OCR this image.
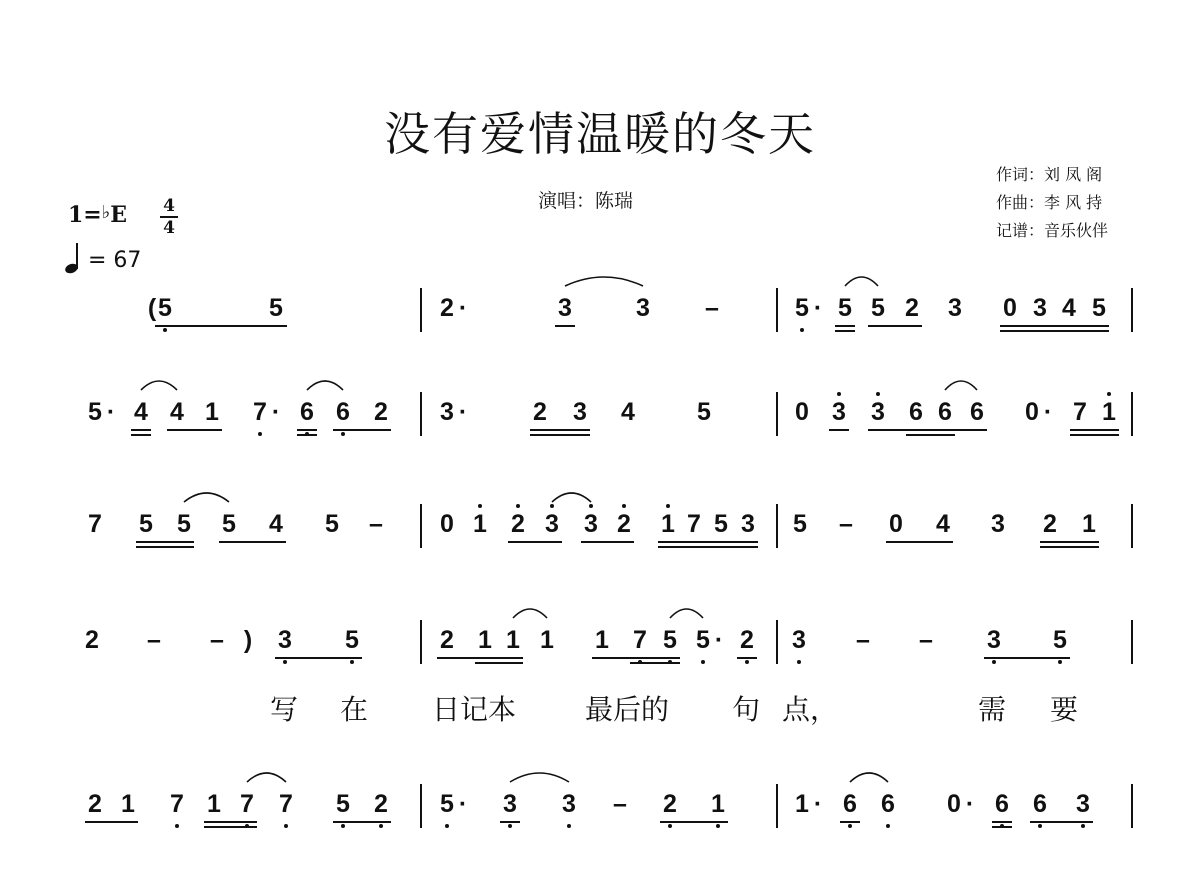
没有爱情温暖的冬天
演唱：陈瑞
作词：刘 凤 阁
作曲：李 风 持
记谱：音乐伙伴
1=♭E 4
4
= 67
( 5	5	2 ·	3	3 –	5 · 5 5 2 3 0 3 4 5
5 · 4 4 1 7 · 6 6 2 3 ·	2 3 4 5	0 3 3 6 6 6 0 · 7 1
7 5 5 5 4 5 – 0 1 2 3 3 2 1 7 5 3 5 – 0 4 3 2 1
2 – – ) 3 5	2 1 1 1 1 7 5 5 · 2 3 – – 3 5
2 1 7 1 7 7 5 2 5 · 3 3 – 2 1	1 · 6 6 0 · 6 6 3
写 在 日记本 最后的 句 点，	需 要
